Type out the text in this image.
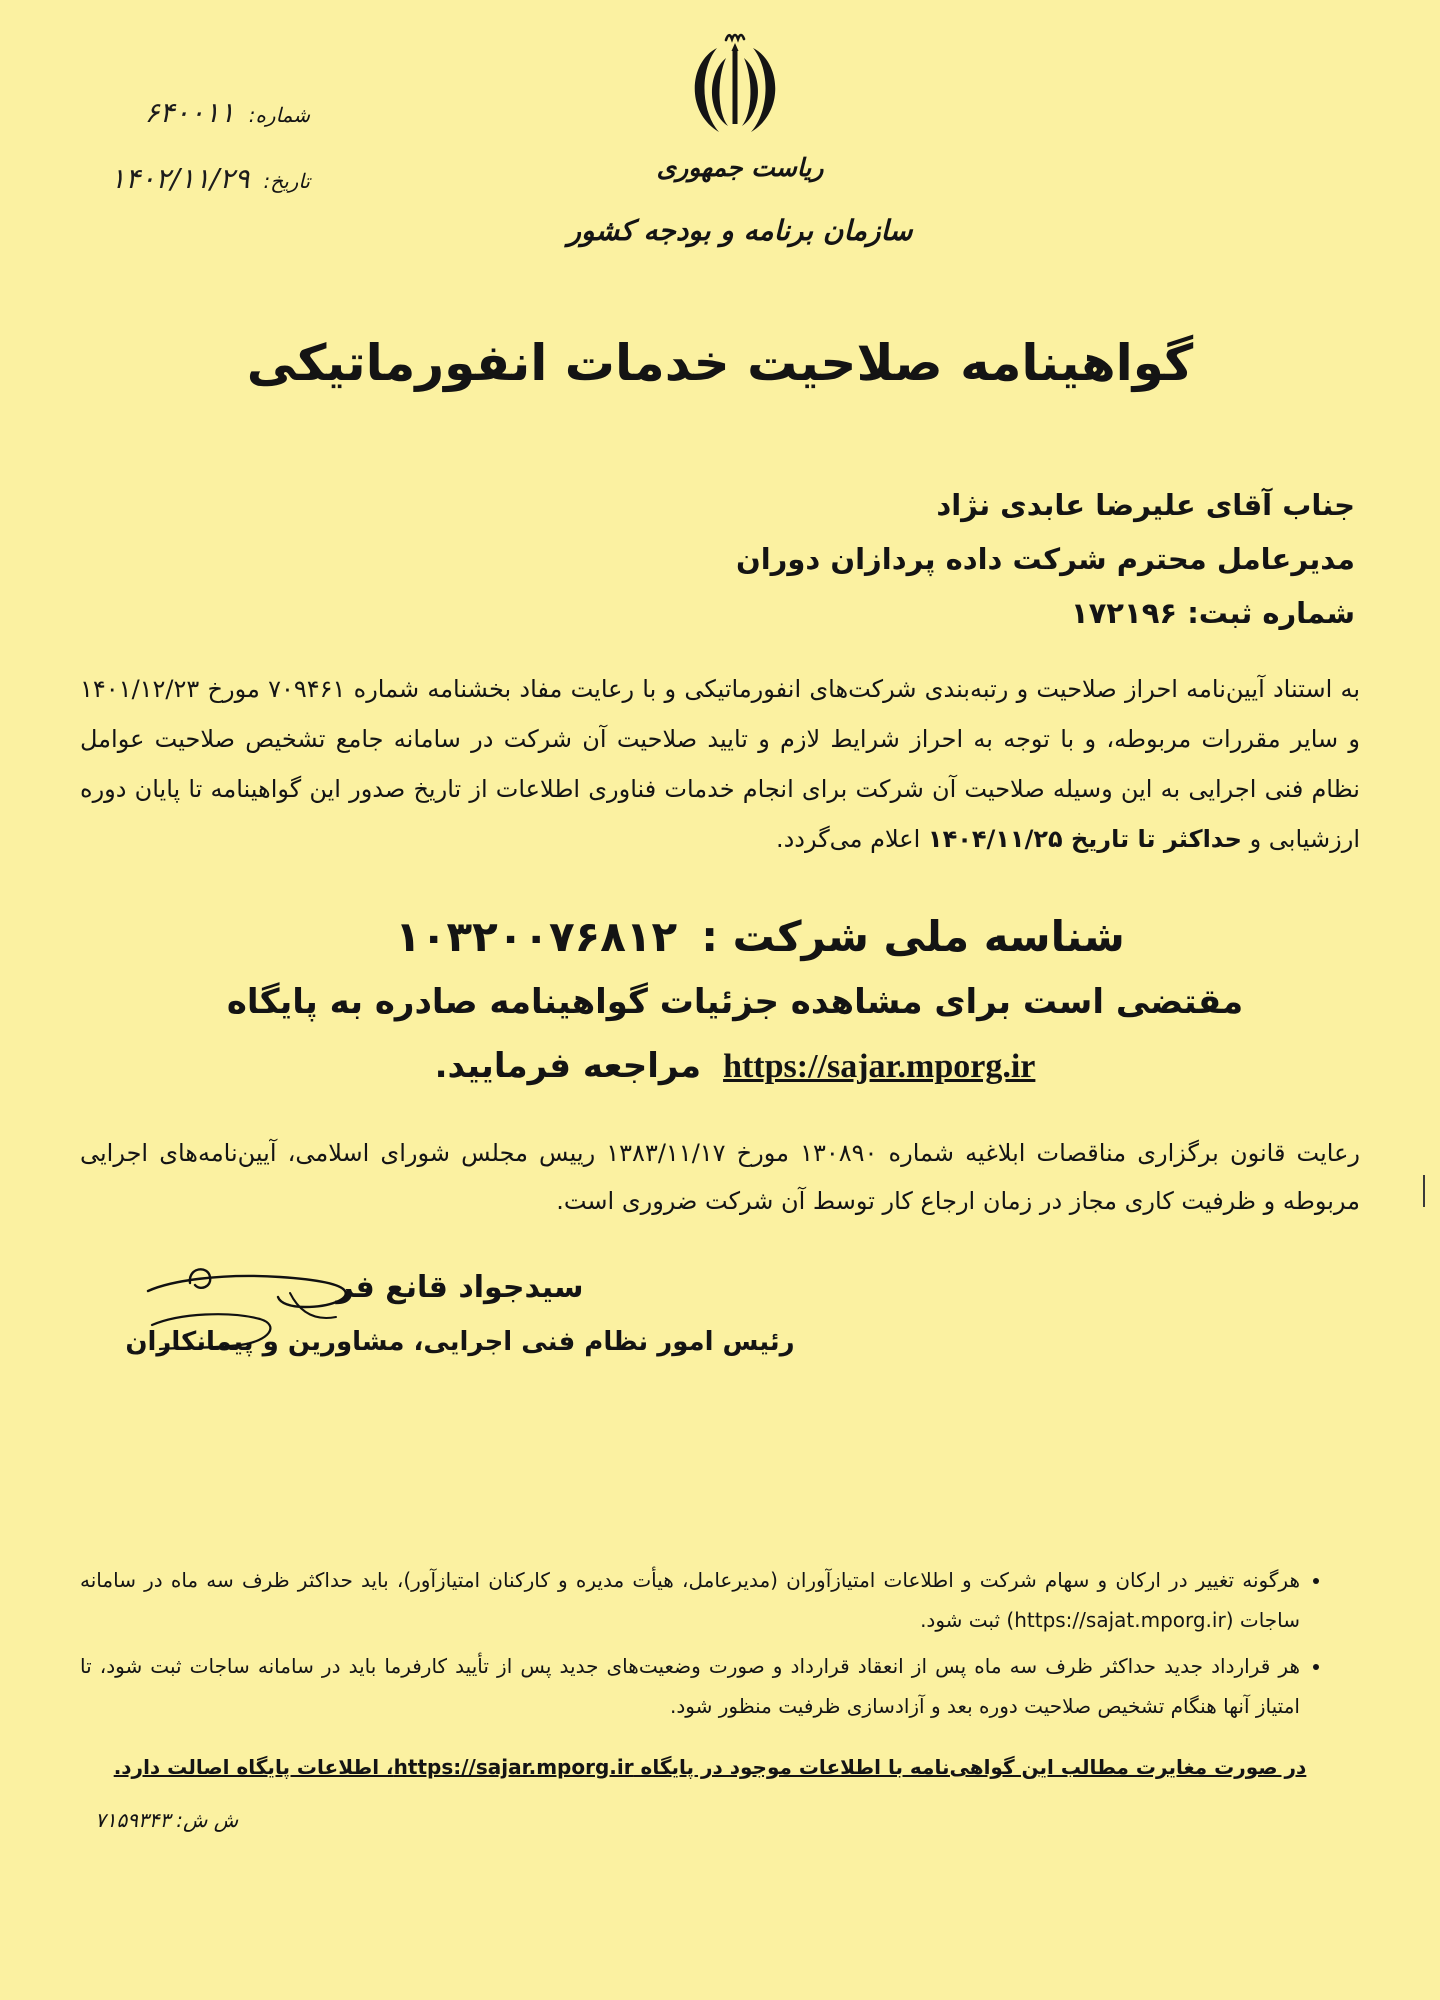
ریاست جمهوری
سازمان برنامه و بودجه کشور
شماره:۶۴۰۰۱۱
تاریخ:۱۴۰۲/۱۱/۲۹
گواهینامه صلاحیت خدمات انفورماتیکی
جناب آقای علیرضا عابدی نژاد
مدیرعامل محترم شرکت داده پردازان دوران
شماره ثبت: ۱۷۲۱۹۶

به استناد آیین‌نامه احراز صلاحیت و رتبه‌بندی شرکت‌های انفورماتیکی و با رعایت مفاد بخشنامه شماره ۷۰۹۴۶۱ مورخ ۱۴۰۱/۱۲/۲۳ و سایر مقررات مربوطه، و با توجه به احراز شرایط لازم و تایید صلاحیت آن شرکت در سامانه جامع تشخیص صلاحیت عوامل نظام فنی اجرایی به این وسیله صلاحیت آن شرکت برای انجام خدمات فناوری اطلاعات از تاریخ صدور این گواهینامه تا پایان دوره ارزشیابی و حداکثر تا تاریخ ۱۴۰۴/۱۱/۲۵ اعلام می‌گردد.

شناسه ملی شرکت :۱۰۳۲۰۰۷۶۸۱۲
مقتضی است برای مشاهده جزئیات گواهینامه صادره به پایگاه
https://sajar.mporg.irمراجعه فرمایید.

رعایت قانون برگزاری مناقصات ابلاغیه شماره ۱۳۰۸۹۰ مورخ ۱۳۸۳/۱۱/۱۷ رییس مجلس شورای اسلامی، آیین‌نامه‌های اجرایی مربوطه و ظرفیت کاری مجاز در زمان ارجاع کار توسط آن شرکت ضروری است.

سیدجواد قانع فر
رئیس امور نظام فنی اجرایی، مشاورین و پیمانکاران
• هرگونه تغییر در ارکان و سهام شرکت و اطلاعات امتیازآوران (مدیرعامل، هیأت مدیره و کارکنان امتیازآور)، باید حداکثر ظرف سه ماه در سامانه ساجات (https://sajat.mporg.ir) ثبت شود.
• هر قرارداد جدید حداکثر ظرف سه ماه پس از انعقاد قرارداد و صورت وضعیت‌های جدید پس از تأیید کارفرما باید در سامانه ساجات ثبت شود، تا امتیاز آنها هنگام تشخیص صلاحیت دوره بعد و آزادسازی ظرفیت منظور شود.

در صورت مغایرت مطالب این گواهی‌نامه با اطلاعات موجود در پایگاه https://sajar.mporg.ir، اطلاعات پایگاه اصالت دارد.

ش ش:۷۱۵۹۳۴۳
